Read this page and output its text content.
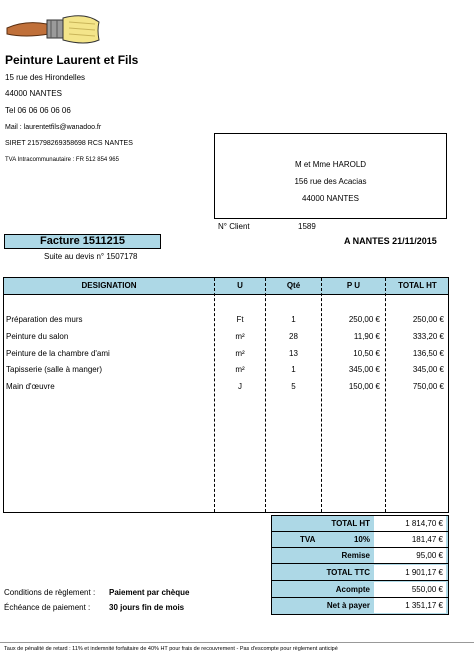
Peinture Laurent et Fils
15 rue des Hirondelles
44000 NANTES
Tel 06 06 06 06 06
Mail : laurentetfils@wanadoo.fr
SIRET 215798269358698 RCS NANTES
TVA Intracommunautaire : FR 512 854 965	M et Mme HAROLD
156 rue des Acacias
44000 NANTES
N° Client	1589
Facture 1511215
Suite au devis n° 1507178
A NANTES 21/11/2015
DESIGNATION	U	Qté	P U	TOTAL HT
Préparation des murs	Ft	1	250,00 €	250,00 €
Peinture du salon	m²	28	11,90 €	333,20 €
Peinture de la chambre d'ami	m²	13	10,50 €	136,50 €
Tapisserie (salle à manger)	m²	1	345,00 €	345,00 €
Main d'œuvre	J	5	150,00 €	750,00 €
TOTAL HT	1 814,70 €
TVA	10%	181,47 €
Remise	95,00 €
TOTAL TTC	1 901,17 €
Acompte	550,00 €
Net à payer	1 351,17 €
Conditions de règlement : Paiement par chèque
Échéance de paiement : 30 jours fin de mois
Taux de pénalité de retard : 11% et indemnité forfaitaire de 40% HT pour frais de recouvrement - Pas d'escompte pour règlement anticipé
